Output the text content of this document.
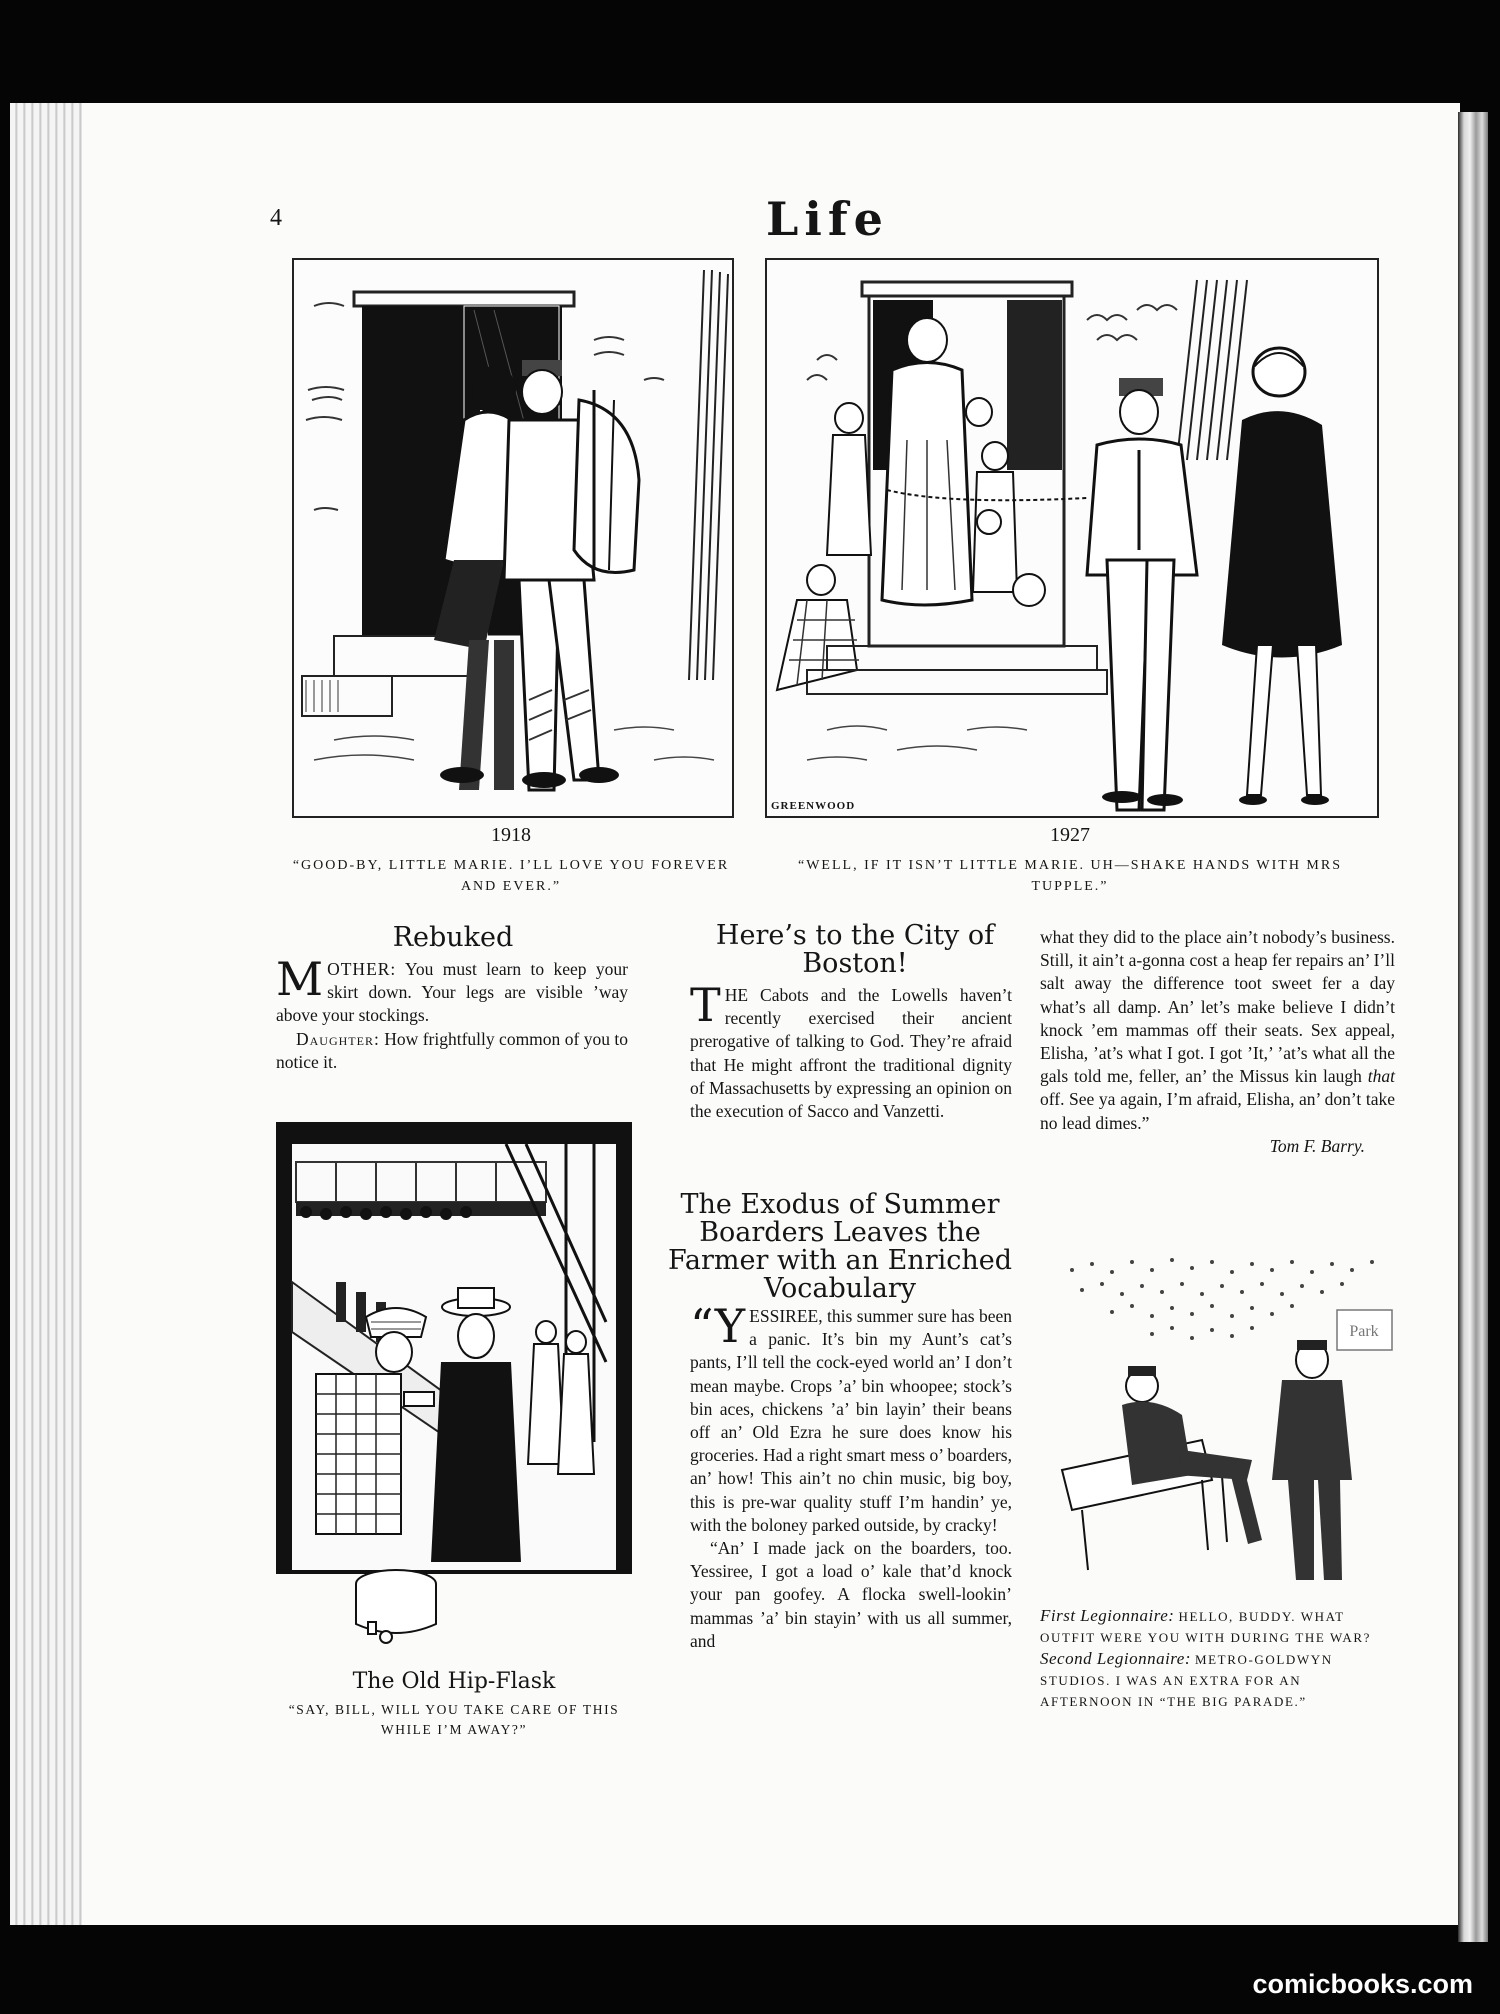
4	Life
1918
“GOOD-BY, LITTLE MARIE. I’LL LOVE YOU FOREVER AND EVER.”
GREENWOOD
1927
“WELL, IF IT ISN’T LITTLE MARIE. UH—SHAKE HANDS WITH MRS TUPPLE.”
Rebuked

MOTHER: You must learn to keep your skirt down. Your legs are visible ’way above your stockings.

Daughter: How frightfully common of you to notice it.

The Old Hip-Flask
“SAY, BILL, WILL YOU TAKE CARE OF THIS WHILE I’M AWAY?”
Here’s to the City of Boston!

THE Cabots and the Lowells haven’t recently exercised their ancient prerogative of talking to God. They’re afraid that He might affront the traditional dignity of Massachusetts by expressing an opinion on the execution of Sacco and Vanzetti.

The Exodus of Summer Boarders Leaves the Farmer with an Enriched Vocabulary

“YESSIREE, this summer sure has been a panic. It’s bin my Aunt’s cat’s pants, I’ll tell the cock-eyed world an’ I don’t mean maybe. Crops ’a’ bin whoopee; stock’s bin aces, chickens ’a’ bin layin’ their beans off an’ Old Ezra he sure does know his groceries. Had a right smart mess o’ boarders, an’ how! This ain’t no chin music, big boy, this is pre-war quality stuff I’m handin’ ye, with the boloney parked outside, by cracky!

“An’ I made jack on the boarders, too. Yessiree, I got a load o’ kale that’d knock your pan goofey. A flocka swell-lookin’ mammas ’a’ bin stayin’ with us all summer, and

what they did to the place ain’t nobody’s business. Still, it ain’t a-gonna cost a heap fer repairs an’ I’ll salt away the difference toot sweet fer a day what’s all damp. An’ let’s make believe I didn’t knock ’em mammas off their seats. Sex appeal, Elisha, ’at’s what I got. I got ’It,’ ’at’s what all the gals told me, feller, an’ the Missus kin laugh that off. See ya again, I’m afraid, Elisha, an’ don’t take no lead dimes.”

Tom F. Barry.

Park
First Legionnaire: HELLO, BUDDY. WHAT OUTFIT WERE YOU WITH DURING THE WAR?
Second Legionnaire: METRO-GOLDWYN STUDIOS. I WAS AN EXTRA FOR AN AFTERNOON IN “THE BIG PARADE.”
comicbooks.com
